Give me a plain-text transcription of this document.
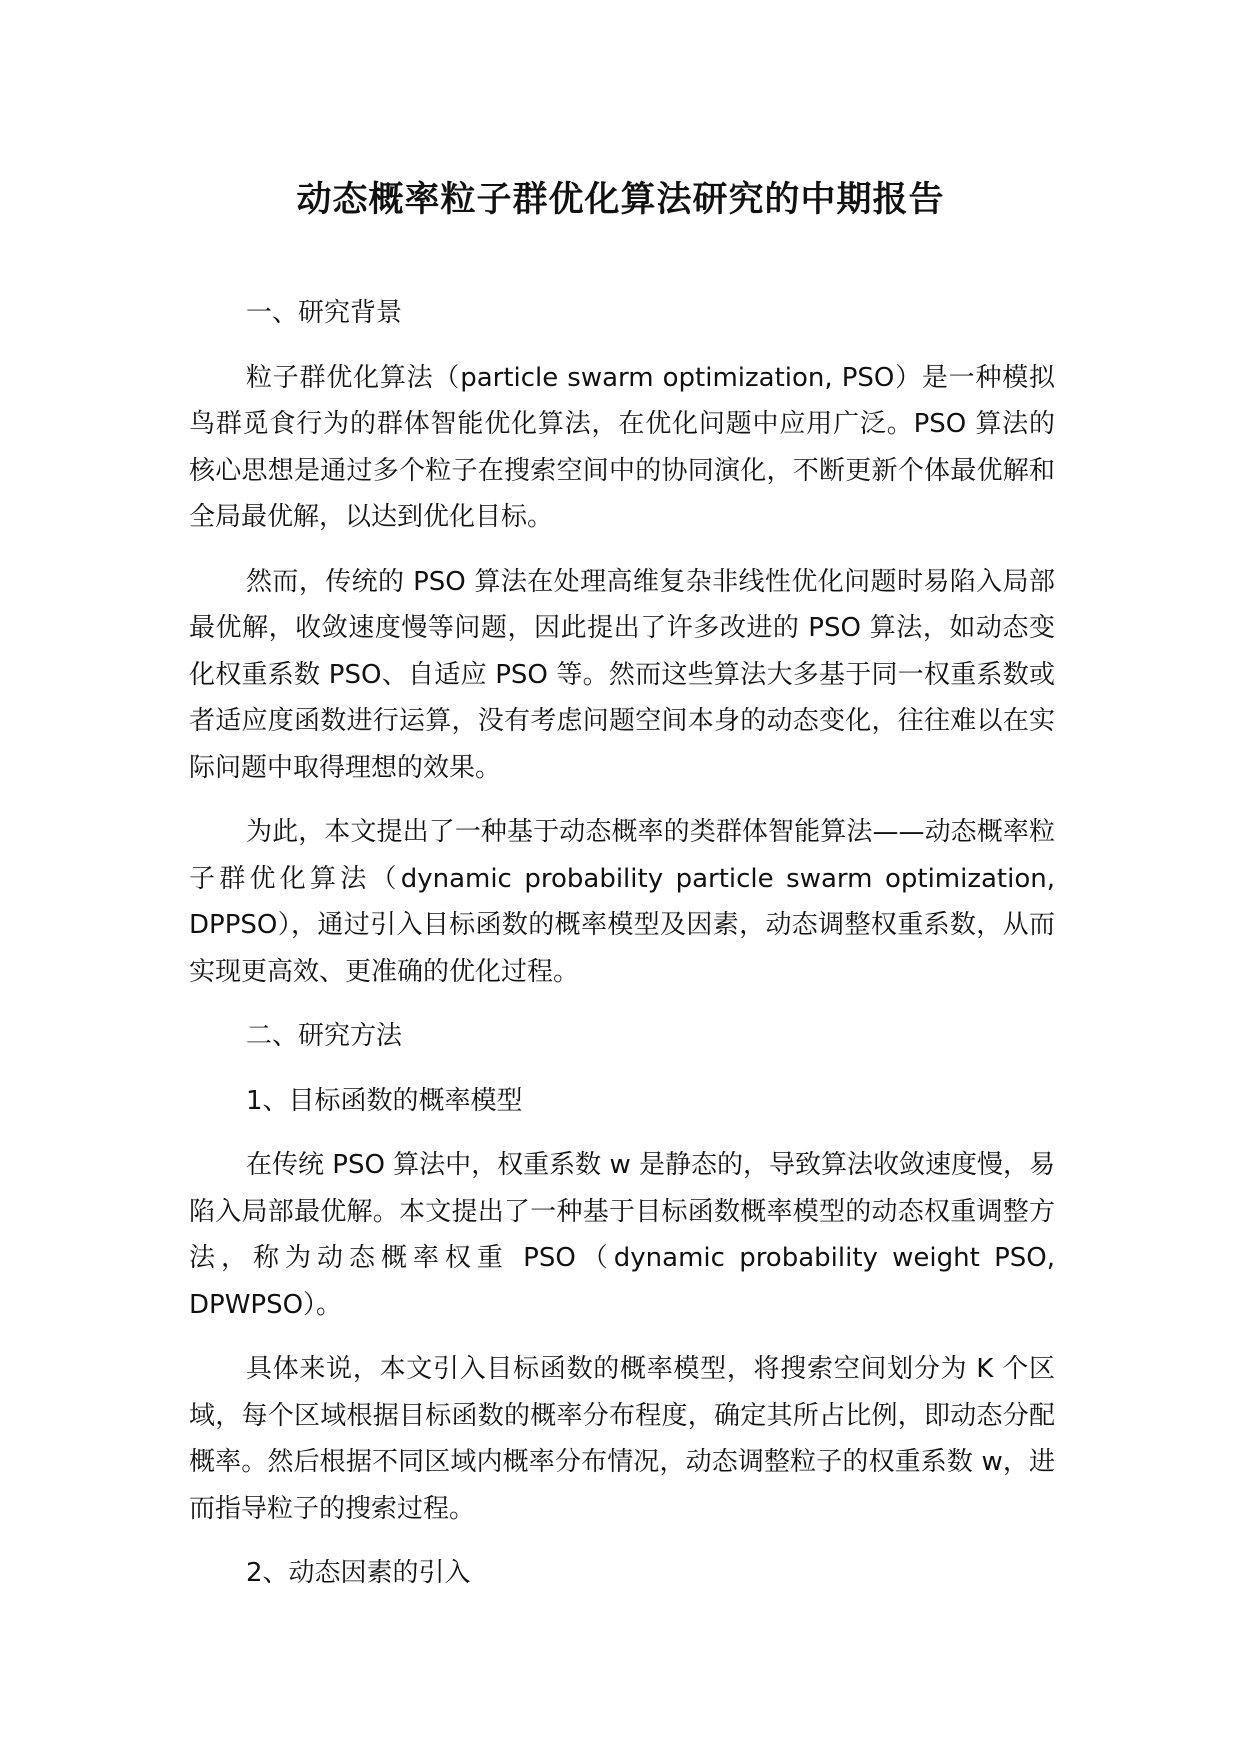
动态概率粒子群优化算法研究的中期报告

一、研究背景

粒子群优化算法（particle swarm optimization, PSO）是一种模拟鸟群觅食行为的群体智能优化算法，在优化问题中应用广泛。PSO 算法的核心思想是通过多个粒子在搜索空间中的协同演化，不断更新个体最优解和全局最优解，以达到优化目标。

然而，传统的 PSO 算法在处理高维复杂非线性优化问题时易陷入局部最优解，收敛速度慢等问题，因此提出了许多改进的 PSO 算法，如动态变化权重系数 PSO、自适应 PSO 等。然而这些算法大多基于同一权重系数或者适应度函数进行运算，没有考虑问题空间本身的动态变化，往往难以在实际问题中取得理想的效果。

为此，本文提出了一种基于动态概率的类群体智能算法——动态概率粒子群优化算法（dynamic probability particle swarm optimization, DPPSO），通过引入目标函数的概率模型及因素，动态调整权重系数，从而实现更高效、更准确的优化过程。

二、研究方法

1、目标函数的概率模型

在传统 PSO 算法中，权重系数 w 是静态的，导致算法收敛速度慢，易陷入局部最优解。本文提出了一种基于目标函数概率模型的动态权重调整方法，称为动态概率权重 PSO（dynamic probability weight PSO, DPWPSO）。

具体来说，本文引入目标函数的概率模型，将搜索空间划分为 K 个区域，每个区域根据目标函数的概率分布程度，确定其所占比例，即动态分配概率。然后根据不同区域内概率分布情况，动态调整粒子的权重系数 w，进而指导粒子的搜索过程。

2、动态因素的引入
